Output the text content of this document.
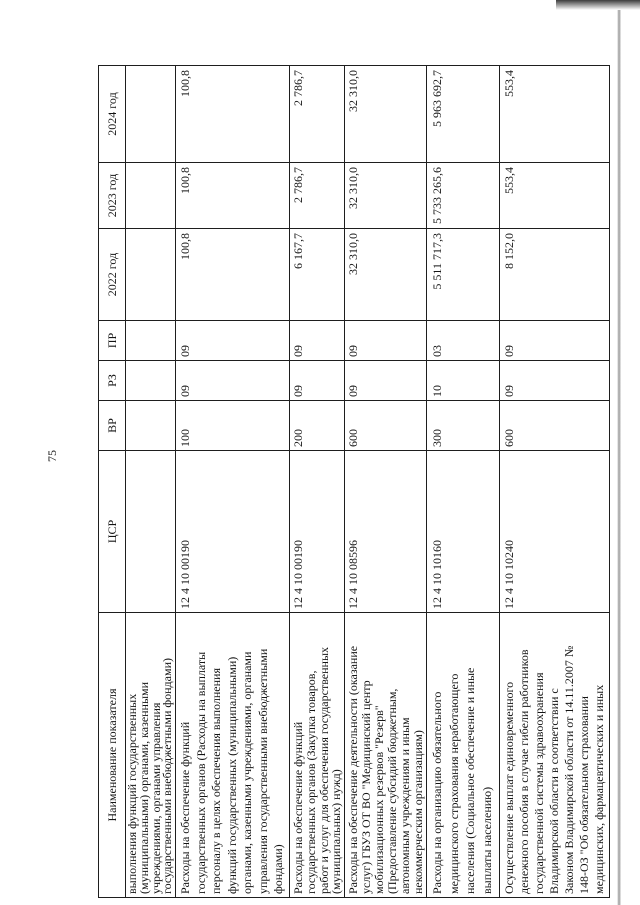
75
Наименование показателя
ЦСР
ВР
РЗ
ПР
2022 год
2023 год
2024 год
выполнения функций государственных
(муниципальными) органами, казенными
учреждениями, органами управления
государственными внебюджетными фондами) Расходы на обеспечение функций государственных органов (Расходы на выплаты персоналу в целях обеспечения выполнения функций государственных (муниципальными) органами, казенными учреждениями, органами управления государственными внебюджетными фондами)
12 4 10 00190
100
09
09
100,8
100,8
100,8
Расходы на обеспечение функций
государственных органов (Закупка товаров,
работ и услуг для обеспечения государственных
(муниципальных) нужд)
12 4 10 00190
200
09
09
6 167,7
2 786,7
2 786,7
Расходы на обеспечение деятельности (оказание услуг) ГБУЗ ОТ ВО "Медицинский центр мобилизационных резервов "Резерв" (Предоставление субсидий бюджетным, автономным учреждениям и иным некоммерческим организациям)
12 4 10 08596
600
09
09
32 310,0
32 310,0
32 310,0
Расходы на организацию обязательного медицинского страхования неработающего населения (Социальное обеспечение и иные выплаты населению)
12 4 10 10160
300
10
03
5 511 717,3
5 733 265,6
5 963 692,7
Осуществление выплат единовременного денежного пособия в случае гибели работников государственной системы здравоохранения Владимирской области в соответствии с Законом Владимирской области от 14.11.2007 № 148-ОЗ "Об обязательном страховании медицинских, фармацевтических и иных
12 4 10 10240
600
09
09
8 152,0
553,4
553,4
